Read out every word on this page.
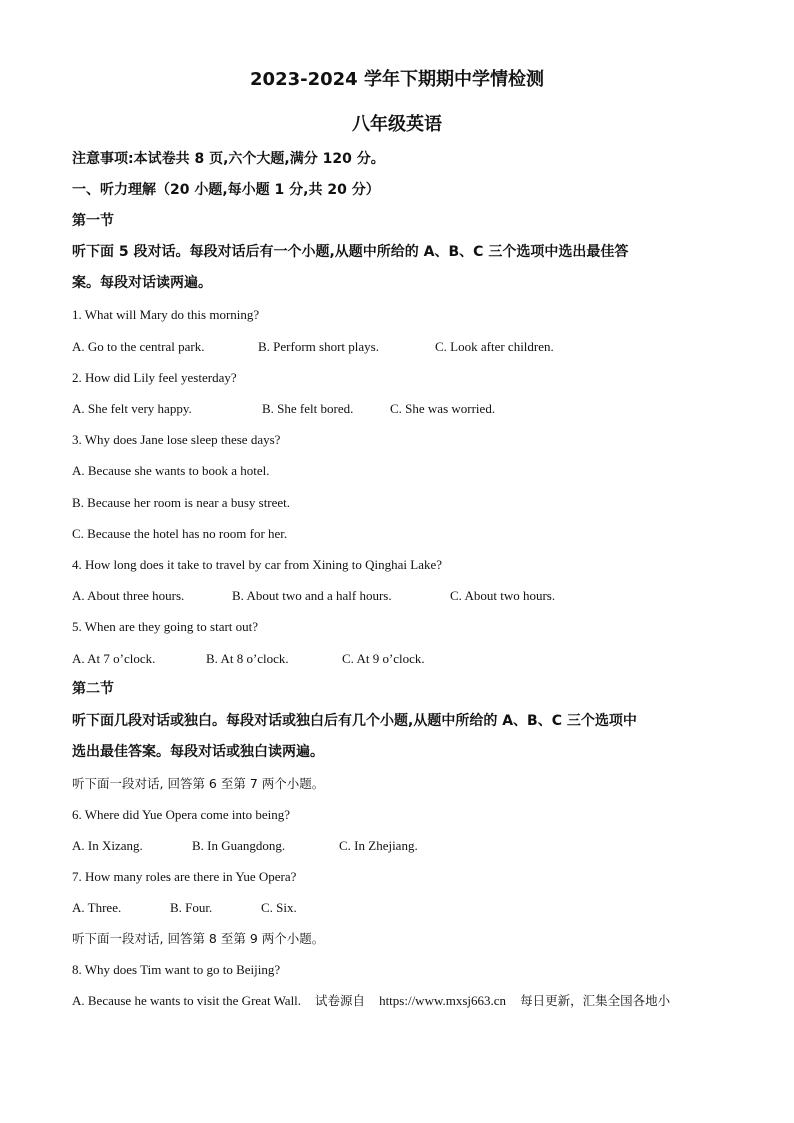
2023-2024 学年下期期中学情检测
八年级英语
注意事项:本试卷共 8 页,六个大题,满分 120 分。
一、听力理解（20 小题,每小题 1 分,共 20 分）
第一节
听下面 5 段对话。每段对话后有一个小题,从题中所给的 A、B、C 三个选项中选出最佳答
案。每段对话读两遍。
1. What will Mary do this morning?
A. Go to the central park.	B. Perform short plays.	C. Look after children.
2. How did Lily feel yesterday?
A. She felt very happy.	B. She felt bored.	C. She was worried.
3. Why does Jane lose sleep these days?
A. Because she wants to book a hotel.
B. Because her room is near a busy street.
C. Because the hotel has no room for her.
4. How long does it take to travel by car from Xining to Qinghai Lake?
A. About three hours.	B. About two and a half hours.	C. About two hours.
5. When are they going to start out?
A. At 7 o’clock.	B. At 8 o’clock.	C. At 9 o’clock.
第二节
听下面几段对话或独白。每段对话或独白后有几个小题,从题中所给的 A、B、C 三个选项中
选出最佳答案。每段对话或独白读两遍。
听下面一段对话, 回答第 6 至第 7 两个小题。
6. Where did Yue Opera come into being?
A. In Xizang.	B. In Guangdong.	C. In Zhejiang.
7. How many roles are there in Yue Opera?
A. Three.	B. Four.	C. Six.
听下面一段对话, 回答第 8 至第 9 两个小题。
8. Why does Tim want to go to Beijing?
A. Because he wants to visit the Great Wall. 试卷源自 https://www.mxsj663.cn 每日更新，汇集全国各地小
